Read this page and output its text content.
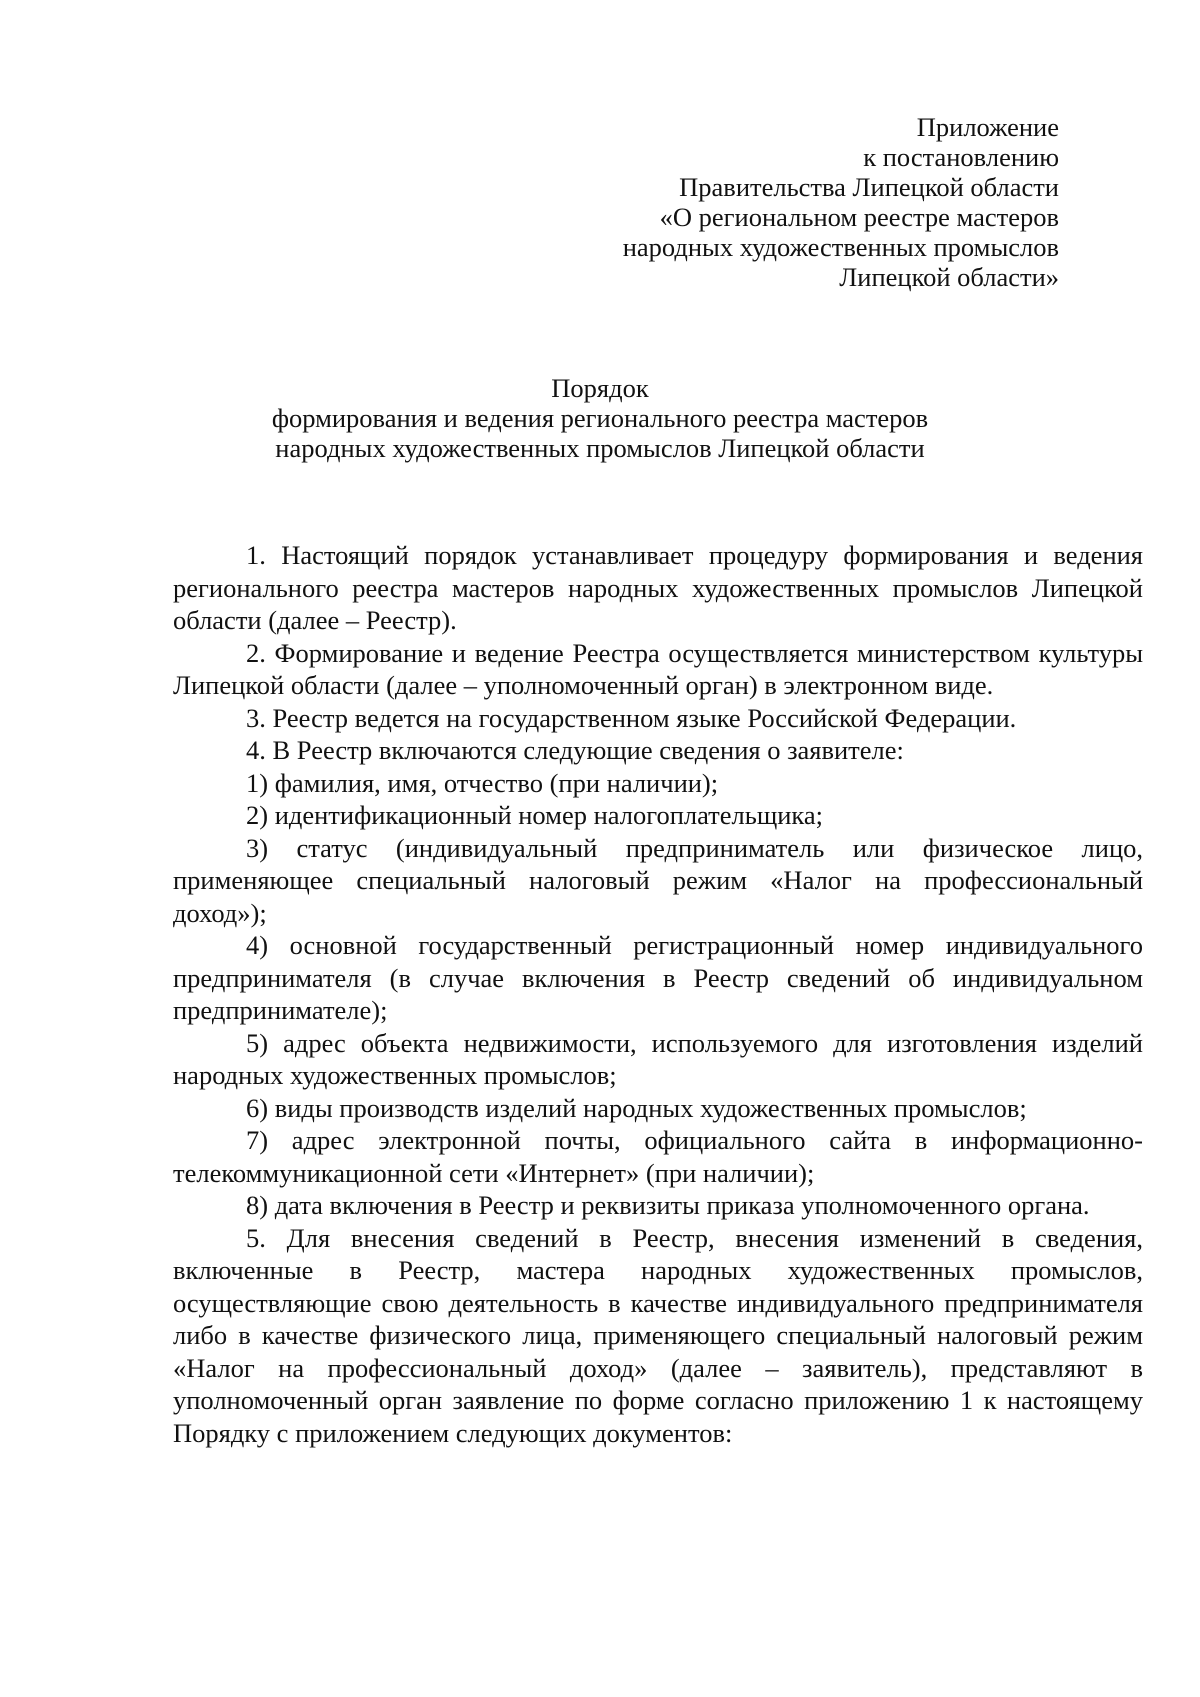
Приложение
к постановлению
Правительства Липецкой области
«О региональном реестре мастеров
народных художественных промыслов
Липецкой области»
Порядок
формирования и ведения регионального реестра мастеров
народных художественных промыслов Липецкой области

1. Настоящий порядок устанавливает процедуру формирования и ведения регионального реестра мастеров народных художественных промыслов Липецкой области (далее – Реестр).

2. Формирование и ведение Реестра осуществляется министерством культуры Липецкой области (далее – уполномоченный орган) в электронном виде.

3. Реестр ведется на государственном языке Российской Федерации.

4. В Реестр включаются следующие сведения о заявителе:

1) фамилия, имя, отчество (при наличии);

2) идентификационный номер налогоплательщика;

3) статус (индивидуальный предприниматель или физическое лицо, применяющее специальный налоговый режим «Налог на профессиональный доход»);

4) основной государственный регистрационный номер индивидуального предпринимателя (в случае включения в Реестр сведений об индивидуальном предпринимателе);

5) адрес объекта недвижимости, используемого для изготовления изделий народных художественных промыслов;

6) виды производств изделий народных художественных промыслов;

7) адрес электронной почты, официального сайта в информационно-телекоммуникационной сети «Интернет» (при наличии);

8) дата включения в Реестр и реквизиты приказа уполномоченного органа.

5. Для внесения сведений в Реестр, внесения изменений в сведения, включенные в Реестр, мастера народных художественных промыслов, осуществляющие свою деятельность в качестве индивидуального предпринимателя либо в качестве физического лица, применяющего специальный налоговый режим «Налог на профессиональный доход» (далее – заявитель), представляют в уполномоченный орган заявление по форме согласно приложению 1 к настоящему Порядку с приложением следующих документов:
